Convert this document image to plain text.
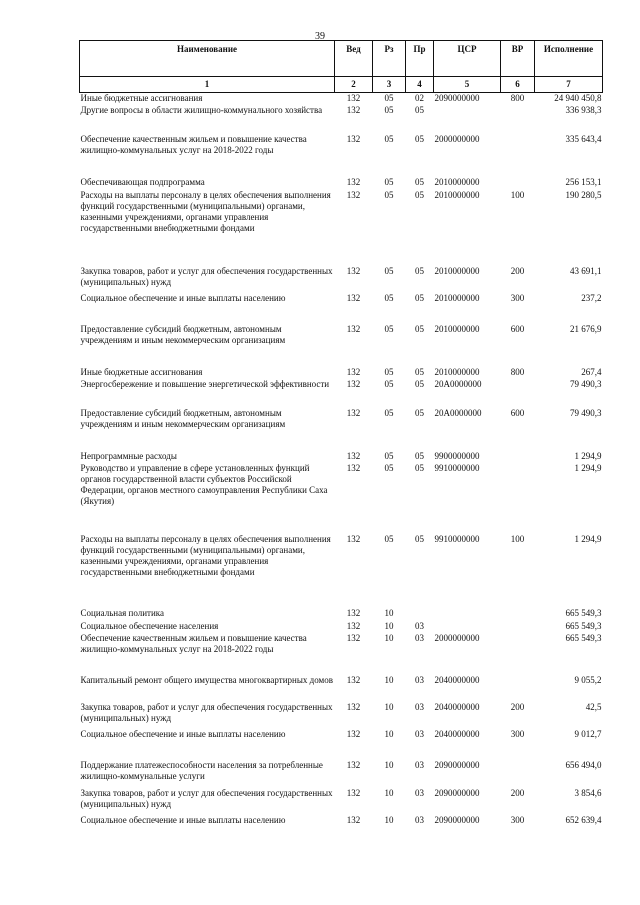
39
Наименование	Вед	Рз	Пр	ЦСР	ВР	Исполнение
1	2	3	4	5	6	7
Иные бюджетные ассигнования	132	05	02	2090000000	800	24 940 450,8
Другие вопросы в области жилищно-коммунального хозяйства	132	05	05			336 938,3
Обеспечение качественным жильем и повышение качества жилищно-коммунальных услуг на 2018-2022 годы	132	05	05	2000000000		335 643,4
Обеспечивающая подпрограмма	132	05	05	2010000000		256 153,1
Расходы на выплаты персоналу в целях обеспечения выполнения функций государственными (муниципальными) органами, казенными учреждениями, органами управления государственными внебюджетными фондами	132	05	05	2010000000	100	190 280,5
Закупка товаров, работ и услуг для обеспечения государственных (муниципальных) нужд	132	05	05	2010000000	200	43 691,1
Социальное обеспечение и иные выплаты населению	132	05	05	2010000000	300	237,2
Предоставление субсидий бюджетным, автономным учреждениям и иным некоммерческим организациям	132	05	05	2010000000	600	21 676,9
Иные бюджетные ассигнования	132	05	05	2010000000	800	267,4
Энергосбережение и повышение энергетической эффективности	132	05	05	20А0000000		79 490,3
Предоставление субсидий бюджетным, автономным учреждениям и иным некоммерческим организациям	132	05	05	20А0000000	600	79 490,3
Непрограммные расходы	132	05	05	9900000000		1 294,9
Руководство и управление в сфере установленных функций органов государственной власти субъектов Российской Федерации, органов местного самоуправления Республики Саха (Якутия)	132	05	05	9910000000		1 294,9
Расходы на выплаты персоналу в целях обеспечения выполнения функций государственными (муниципальными) органами, казенными учреждениями, органами управления государственными внебюджетными фондами	132	05	05	9910000000	100	1 294,9
Социальная политика	132	10				665 549,3
Социальное обеспечение населения	132	10	03			665 549,3
Обеспечение качественным жильем и повышение качества жилищно-коммунальных услуг на 2018-2022 годы	132	10	03	2000000000		665 549,3
Капитальный ремонт общего имущества многоквартирных домов	132	10	03	2040000000		9 055,2
Закупка товаров, работ и услуг для обеспечения государственных (муниципальных) нужд	132	10	03	2040000000	200	42,5
Социальное обеспечение и иные выплаты населению	132	10	03	2040000000	300	9 012,7
Поддержание платежеспособности населения за потребленные жилищно-коммунальные услуги	132	10	03	2090000000		656 494,0
Закупка товаров, работ и услуг для обеспечения государственных (муниципальных) нужд	132	10	03	2090000000	200	3 854,6
Социальное обеспечение и иные выплаты населению	132	10	03	2090000000	300	652 639,4
